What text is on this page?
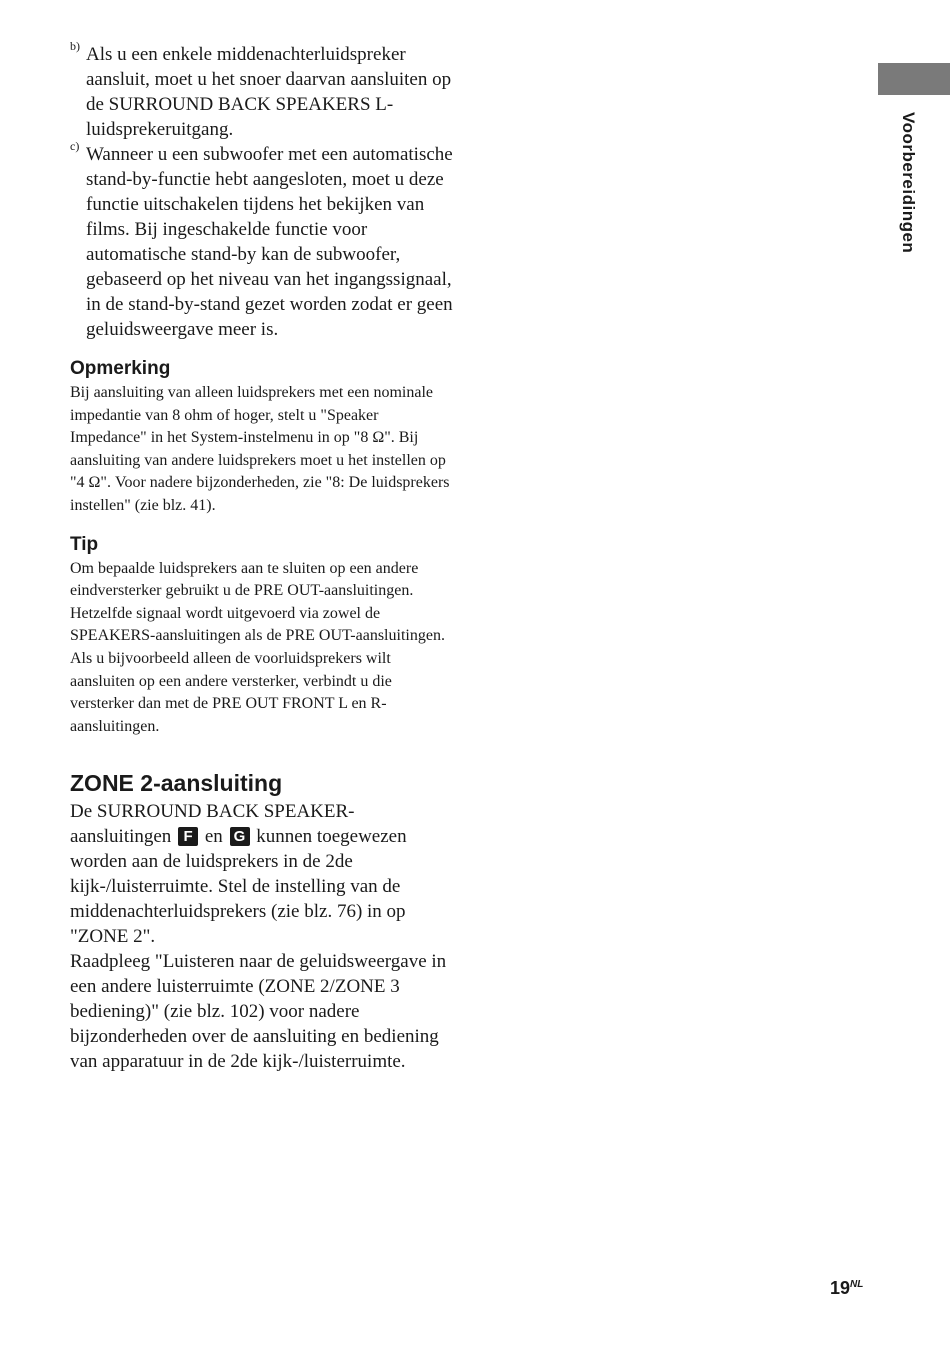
Voorbereidingen

b) Als u een enkele middenachterluidspreker aansluit, moet u het snoer daarvan aansluiten op de SURROUND BACK SPEAKERS L-luidsprekeruitgang.

c) Wanneer u een subwoofer met een automatische stand-by-functie hebt aangesloten, moet u deze functie uitschakelen tijdens het bekijken van films. Bij ingeschakelde functie voor automatische stand-by kan de subwoofer, gebaseerd op het niveau van het ingangssignaal, in de stand-by-stand gezet worden zodat er geen geluidsweergave meer is.

Opmerking

Bij aansluiting van alleen luidsprekers met een nominale impedantie van 8 ohm of hoger, stelt u "Speaker Impedance" in het System-instelmenu in op "8 Ω". Bij aansluiting van andere luidsprekers moet u het instellen op "4 Ω". Voor nadere bijzonderheden, zie "8: De luidsprekers instellen" (zie blz. 41).

Tip

Om bepaalde luidsprekers aan te sluiten op een andere eindversterker gebruikt u de PRE OUT-aansluitingen. Hetzelfde signaal wordt uitgevoerd via zowel de SPEAKERS-aansluitingen als de PRE OUT-aansluitingen. Als u bijvoorbeeld alleen de voorluidsprekers wilt aansluiten op een andere versterker, verbindt u die versterker dan met de PRE OUT FRONT L en R-aansluitingen.

ZONE 2-aansluiting

De SURROUND BACK SPEAKER-aansluitingen F en G kunnen toegewezen worden aan de luidsprekers in de 2de kijk-/luisterruimte. Stel de instelling van de middenachterluidsprekers (zie blz. 76) in op "ZONE 2".

Raadpleeg "Luisteren naar de geluidsweergave in een andere luisterruimte (ZONE 2/ZONE 3 bediening)" (zie blz. 102) voor nadere bijzonderheden over de aansluiting en bediening van apparatuur in de 2de kijk-/luisterruimte.

$19^{NL}$
